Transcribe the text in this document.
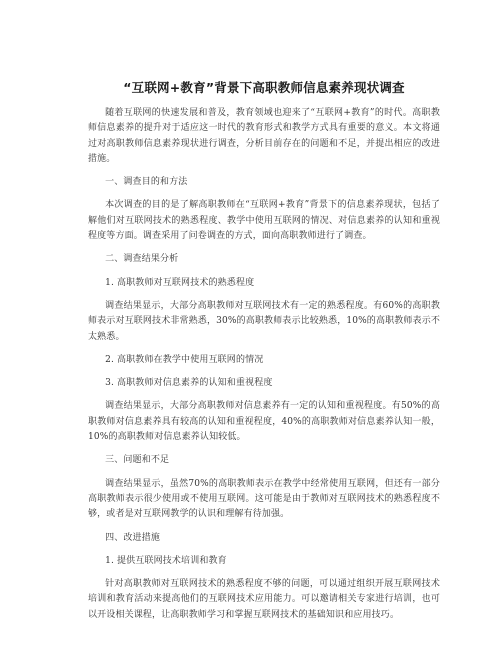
“互联网+教育”背景下高职教师信息素养现状调查

随着互联网的快速发展和普及，教育领域也迎来了“互联网+教育”的时代。高职教师信息素养的提升对于适应这一时代的教育形式和教学方式具有重要的意义。本文将通过对高职教师信息素养现状进行调查，分析目前存在的问题和不足，并提出相应的改进措施。

一、调查目的和方法

本次调查的目的是了解高职教师在“互联网+教育”背景下的信息素养现状，包括了解他们对互联网技术的熟悉程度、教学中使用互联网的情况、对信息素养的认知和重视程度等方面。调查采用了问卷调查的方式，面向高职教师进行了调查。

二、调查结果分析

1. 高职教师对互联网技术的熟悉程度

调查结果显示，大部分高职教师对互联网技术有一定的熟悉程度。有60%的高职教师表示对互联网技术非常熟悉，30%的高职教师表示比较熟悉，10%的高职教师表示不太熟悉。

2. 高职教师在教学中使用互联网的情况

3. 高职教师对信息素养的认知和重视程度

调查结果显示，大部分高职教师对信息素养有一定的认知和重视程度。有50%的高职教师对信息素养具有较高的认知和重视程度，40%的高职教师对信息素养认知一般，10%的高职教师对信息素养认知较低。

三、问题和不足

调查结果显示，虽然70%的高职教师表示在教学中经常使用互联网，但还有一部分高职教师表示很少使用或不使用互联网。这可能是由于教师对互联网技术的熟悉程度不够，或者是对互联网教学的认识和理解有待加强。

四、改进措施

1. 提供互联网技术培训和教育

针对高职教师对互联网技术的熟悉程度不够的问题，可以通过组织开展互联网技术培训和教育活动来提高他们的互联网技术应用能力。可以邀请相关专家进行培训，也可以开设相关课程，让高职教师学习和掌握互联网技术的基础知识和应用技巧。
